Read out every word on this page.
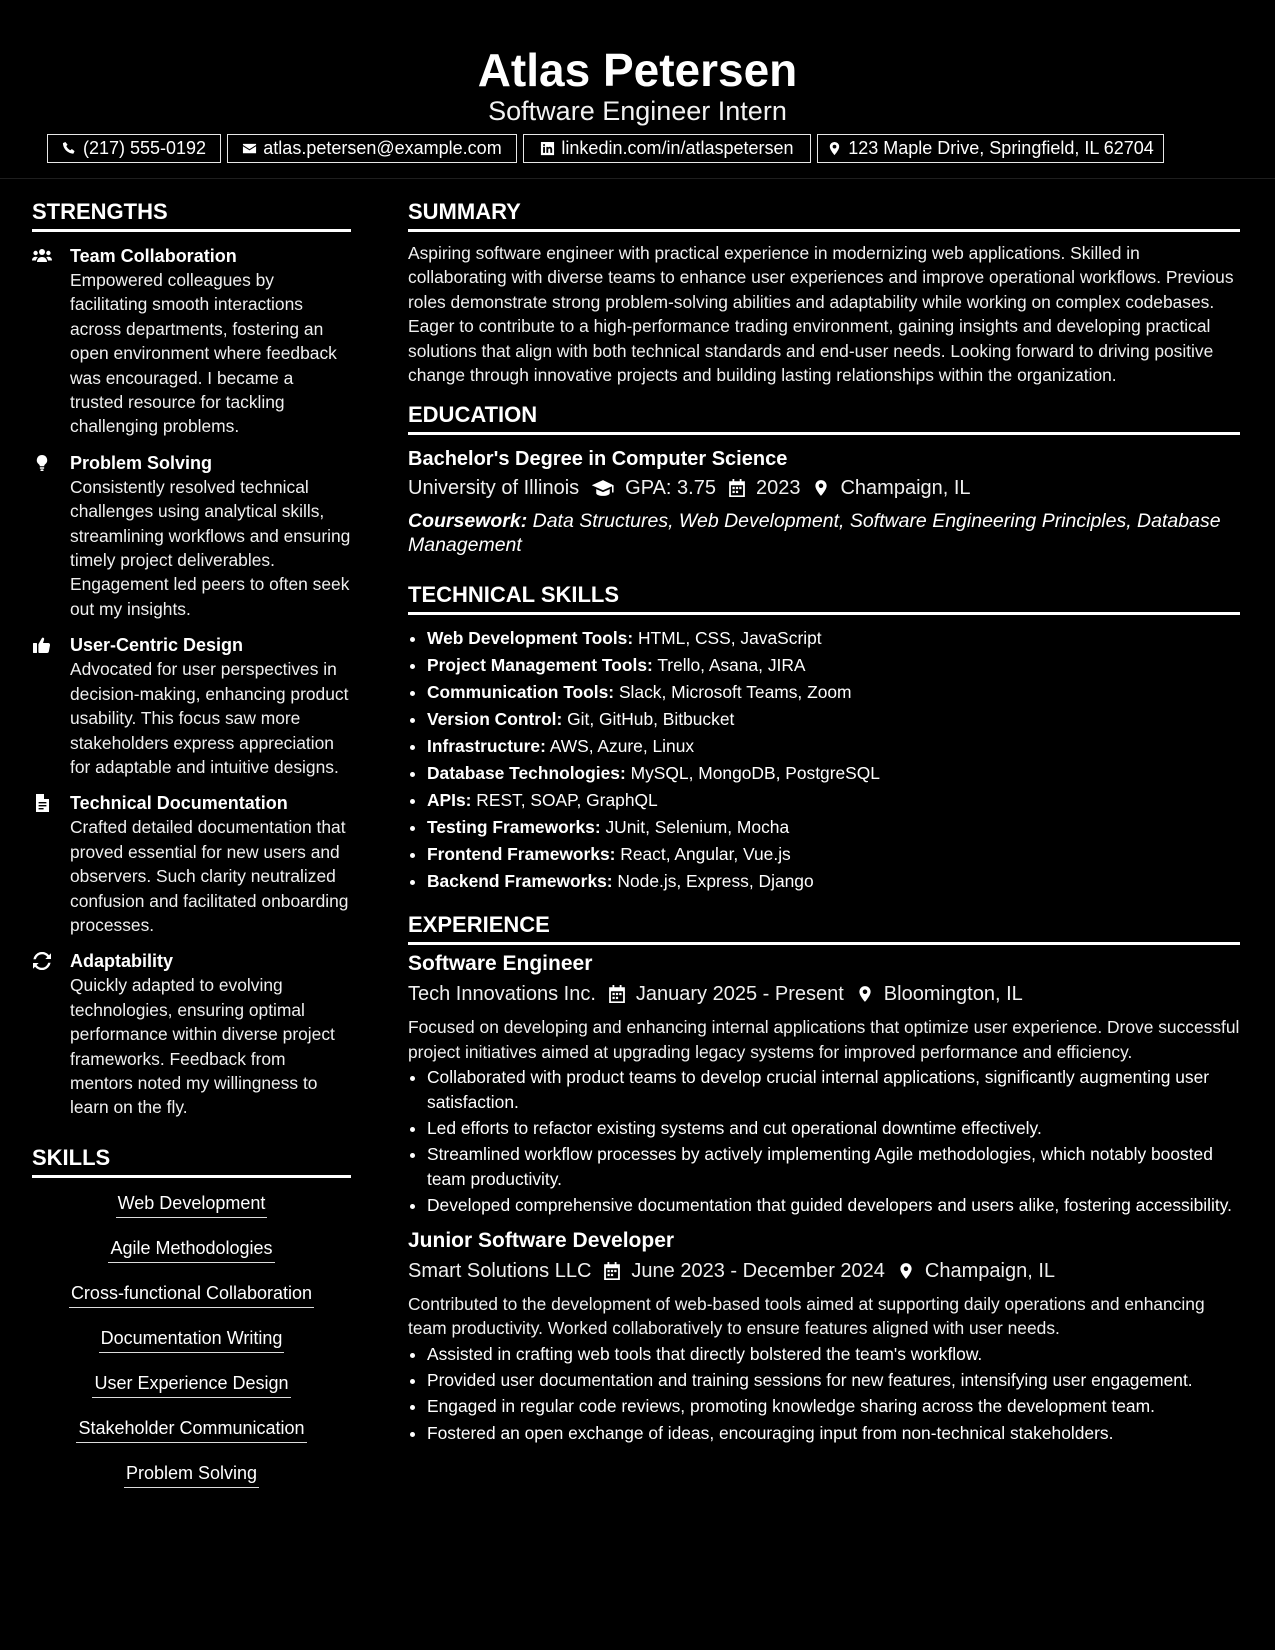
Atlas Petersen
Software Engineer Intern
(217) 555-0192	atlas.petersen@example.com	linkedin.com/in/atlaspetersen	123 Maple Drive, Springfield, IL 62704
STRENGTHS
Team Collaboration
Empowered colleagues by facilitating smooth interactions across departments, fostering an open environment where feedback was encouraged. I became a trusted resource for tackling challenging problems.
Problem Solving
Consistently resolved technical challenges using analytical skills, streamlining workflows and ensuring timely project deliverables. Engagement led peers to often seek out my insights.
User-Centric Design
Advocated for user perspectives in decision-making, enhancing product usability. This focus saw more stakeholders express appreciation for adaptable and intuitive designs.
Technical Documentation
Crafted detailed documentation that proved essential for new users and observers. Such clarity neutralized confusion and facilitated onboarding processes.
Adaptability
Quickly adapted to evolving technologies, ensuring optimal performance within diverse project frameworks. Feedback from mentors noted my willingness to learn on the fly.
SKILLS
Web Development
Agile Methodologies
Cross-functional Collaboration
Documentation Writing
User Experience Design
Stakeholder Communication
Problem Solving
SUMMARY
Aspiring software engineer with practical experience in modernizing web applications. Skilled in collaborating with diverse teams to enhance user experiences and improve operational workflows. Previous roles demonstrate strong problem-solving abilities and adaptability while working on complex codebases. Eager to contribute to a high-performance trading environment, gaining insights and developing practical solutions that align with both technical standards and end-user needs. Looking forward to driving positive change through innovative projects and building lasting relationships within the organization.
EDUCATION
Bachelor's Degree in Computer Science
University of Illinois GPA: 3.75 2023 Champaign, IL
Coursework: Data Structures, Web Development, Software Engineering Principles, Database Management
TECHNICAL SKILLS
• Web Development Tools: HTML, CSS, JavaScript
• Project Management Tools: Trello, Asana, JIRA
• Communication Tools: Slack, Microsoft Teams, Zoom
• Version Control: Git, GitHub, Bitbucket
• Infrastructure: AWS, Azure, Linux
• Database Technologies: MySQL, MongoDB, PostgreSQL
• APIs: REST, SOAP, GraphQL
• Testing Frameworks: JUnit, Selenium, Mocha
• Frontend Frameworks: React, Angular, Vue.js
• Backend Frameworks: Node.js, Express, Django
EXPERIENCE
Software Engineer
Tech Innovations Inc. January 2025 - Present Bloomington, IL
Focused on developing and enhancing internal applications that optimize user experience. Drove successful project initiatives aimed at upgrading legacy systems for improved performance and efficiency.
• Collaborated with product teams to develop crucial internal applications, significantly augmenting user satisfaction.
• Led efforts to refactor existing systems and cut operational downtime effectively.
• Streamlined workflow processes by actively implementing Agile methodologies, which notably boosted team productivity.
• Developed comprehensive documentation that guided developers and users alike, fostering accessibility.
Junior Software Developer
Smart Solutions LLC June 2023 - December 2024 Champaign, IL
Contributed to the development of web-based tools aimed at supporting daily operations and enhancing team productivity. Worked collaboratively to ensure features aligned with user needs.
• Assisted in crafting web tools that directly bolstered the team's workflow.
• Provided user documentation and training sessions for new features, intensifying user engagement.
• Engaged in regular code reviews, promoting knowledge sharing across the development team.
• Fostered an open exchange of ideas, encouraging input from non-technical stakeholders.
